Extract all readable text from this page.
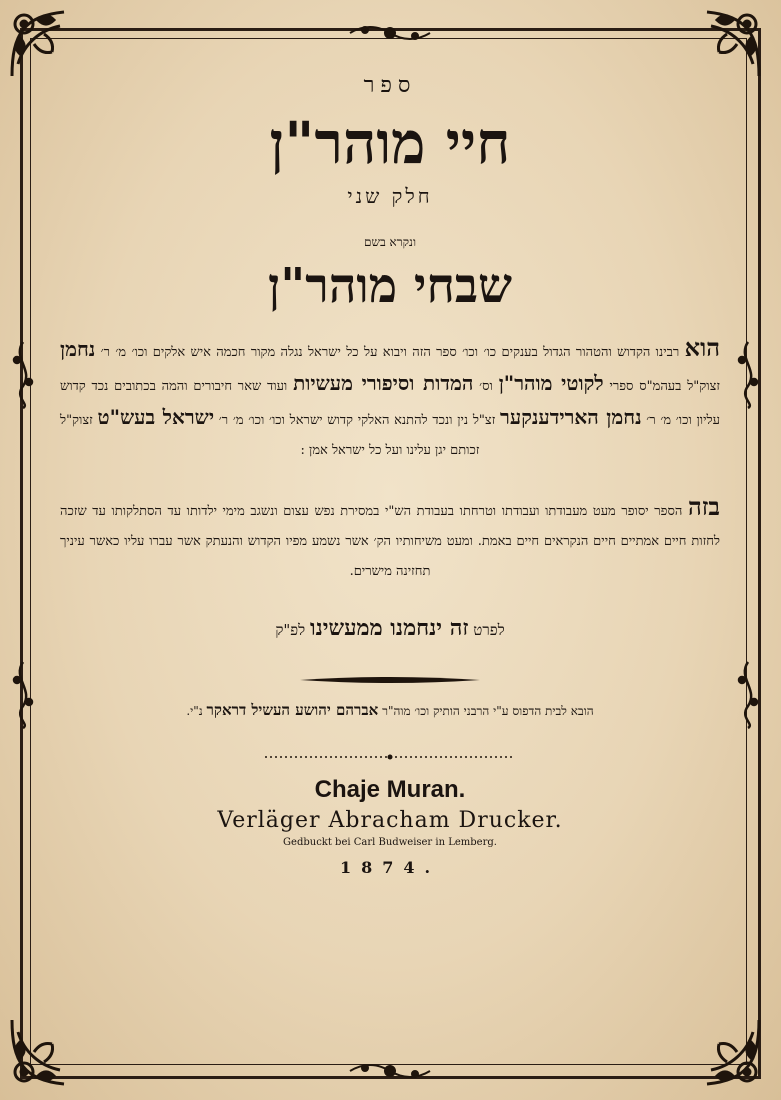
ספר
חיי מוהר"ן
חלק שני
ונקרא בשם
שבחי מוהר"ן
הוא רבינו הקדוש והטהור הגדול בענקים כו׳ וכו׳ ספר הזה ויבוא על כל ישראל נגלה מקור חכמה איש אלקים וכו׳ מ׳ ר׳ נחמן זצוק"ל בעהמ"ס ספרי לקוטי מוהר"ן וס׳ המדות וסיפורי מעשיות ועוד שאר חיבורים והמה בכתובים נכד קדוש עליון וכו׳ מ׳ ר׳ נחמן הארידענקער זצ"ל נין ונכד להתנא האלקי קדוש ישראל וכו׳ וכו׳ מ׳ ר׳ ישראל בעש"ט זצוק"ל זכותם יגן עלינו ועל כל ישראל אמן :
בזה הספר יסופר מעט מעבודתו ועבודתו וטרחתו בעבודת הש"י במסירת נפש עצום ונשגב מימי ילדותו עד הסתלקותו עד שזכה לחזות חיים אמתיים חיים הנקראים חיים באמת. ומעט משיחותיו הק׳ אשר נשמע מפיו הקדוש והנעתק אשר עברו עליו כאשר עיניך תחזינה מישרים.
לפרט זה ינחמנו ממעשינו לפ"ק
הובא לבית הדפוס ע"י הרבני הותיק וכו׳ מוה"ר אברהם יהושע העשיל דראקר נ"י.
Chaje Muran.
Verläger Abracham Drucker.
Gedbuckt bei Carl Budweiser in Lemberg.
1874.
